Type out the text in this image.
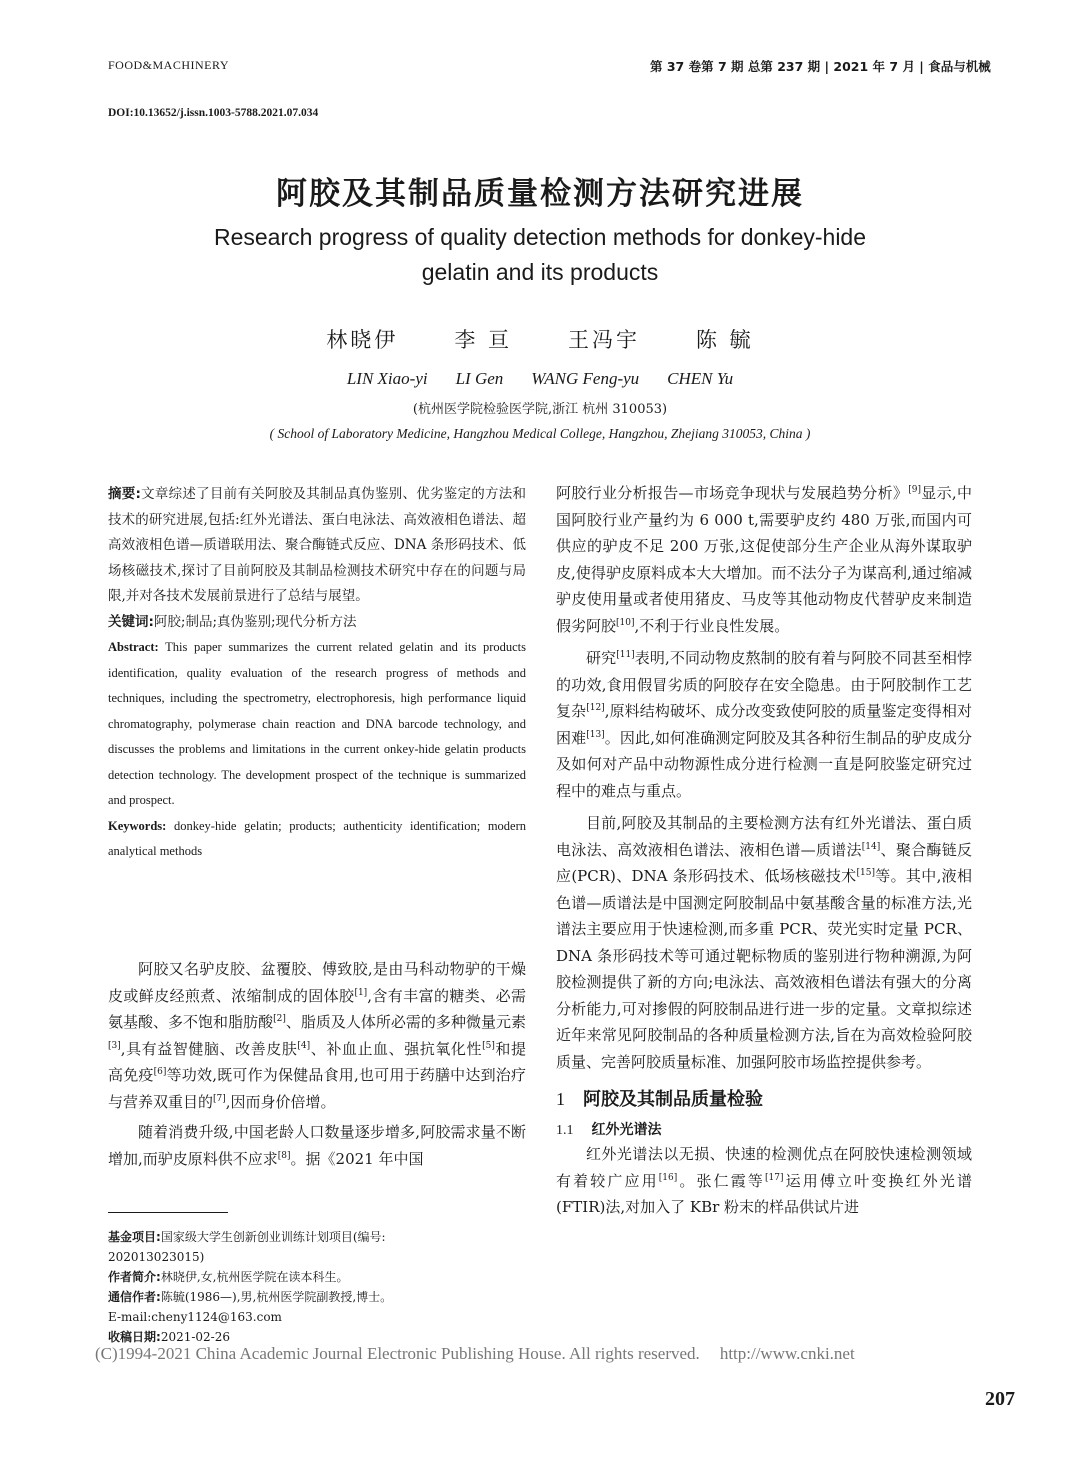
FOOD&MACHINERY	第 37 卷第 7 期 总第 237 期 | 2021 年 7 月 | 食品与机械
DOI:10.13652/j.issn.1003-5788.2021.07.034
阿胶及其制品质量检测方法研究进展
Research progress of quality detection methods for donkey-hide
gelatin and its products
林晓伊	李 亘	王冯宇	陈 毓
LIN Xiao-yi LI Gen WANG Feng-yu CHEN Yu
(杭州医学院检验医学院,浙江 杭州 310053)
( School of Laboratory Medicine, Hangzhou Medical College, Hangzhou, Zhejiang 310053, China )

摘要:文章综述了目前有关阿胶及其制品真伪鉴别、优劣鉴定的方法和技术的研究进展,包括:红外光谱法、蛋白电泳法、高效液相色谱法、超高效液相色谱—质谱联用法、聚合酶链式反应、DNA 条形码技术、低场核磁技术,探讨了目前阿胶及其制品检测技术研究中存在的问题与局限,并对各技术发展前景进行了总结与展望。

关键词:阿胶;制品;真伪鉴别;现代分析方法

Abstract: This paper summarizes the current related gelatin and its products identification, quality evaluation of the research progress of methods and techniques, including the spectrometry, electrophoresis, high performance liquid chromatography, polymerase chain reaction and DNA barcode technology, and discusses the problems and limitations in the current onkey-hide gelatin products detection technology. The development prospect of the technique is summarized and prospect.

Keywords: donkey-hide gelatin; products; authenticity identification; modern analytical methods

阿胶又名驴皮胶、盆覆胶、傅致胶,是由马科动物驴的干燥皮或鲜皮经煎煮、浓缩制成的固体胶[1],含有丰富的糖类、必需氨基酸、多不饱和脂肪酸[2]、脂质及人体所必需的多种微量元素[3],具有益智健脑、改善皮肤[4]、补血止血、强抗氧化性[5]和提高免疫[6]等功效,既可作为保健品食用,也可用于药膳中达到治疗与营养双重目的[7],因而身价倍增。

随着消费升级,中国老龄人口数量逐步增多,阿胶需求量不断增加,而驴皮原料供不应求[8]。据《2021 年中国

基金项目:国家级大学生创新创业训练计划项目(编号:

202013023015)

作者简介:林晓伊,女,杭州医学院在读本科生。

通信作者:陈毓(1986—),男,杭州医学院副教授,博士。

E-mail:cheny1124@163.com

收稿日期:2021-02-26

阿胶行业分析报告—市场竞争现状与发展趋势分析》[9]显示,中国阿胶行业产量约为 6 000 t,需要驴皮约 480 万张,而国内可供应的驴皮不足 200 万张,这促使部分生产企业从海外谋取驴皮,使得驴皮原料成本大大增加。而不法分子为谋高利,通过缩减驴皮使用量或者使用猪皮、马皮等其他动物皮代替驴皮来制造假劣阿胶[10],不利于行业良性发展。

研究[11]表明,不同动物皮熬制的胶有着与阿胶不同甚至相悖的功效,食用假冒劣质的阿胶存在安全隐患。由于阿胶制作工艺复杂[12],原料结构破坏、成分改变致使阿胶的质量鉴定变得相对困难[13]。因此,如何准确测定阿胶及其各种衍生制品的驴皮成分及如何对产品中动物源性成分进行检测一直是阿胶鉴定研究过程中的难点与重点。

目前,阿胶及其制品的主要检测方法有红外光谱法、蛋白质电泳法、高效液相色谱法、液相色谱—质谱法[14]、聚合酶链反应(PCR)、DNA 条形码技术、低场核磁技术[15]等。其中,液相色谱—质谱法是中国测定阿胶制品中氨基酸含量的标准方法,光谱法主要应用于快速检测,而多重 PCR、荧光实时定量 PCR、DNA 条形码技术等可通过靶标物质的鉴别进行物种溯源,为阿胶检测提供了新的方向;电泳法、高效液相色谱法有强大的分离分析能力,可对掺假的阿胶制品进行进一步的定量。文章拟综述近年来常见阿胶制品的各种质量检测方法,旨在为高效检验阿胶质量、完善阿胶质量标准、加强阿胶市场监控提供参考。

1 阿胶及其制品质量检验
1.1 红外光谱法

红外光谱法以无损、快速的检测优点在阿胶快速检测领域有着较广应用[16]。张仁霞等[17]运用傅立叶变换红外光谱(FTIR)法,对加入了 KBr 粉末的样品供试片进

(C)1994-2021 China Academic Journal Electronic Publishing House. All rights reserved. http://www.cnki.net
207
